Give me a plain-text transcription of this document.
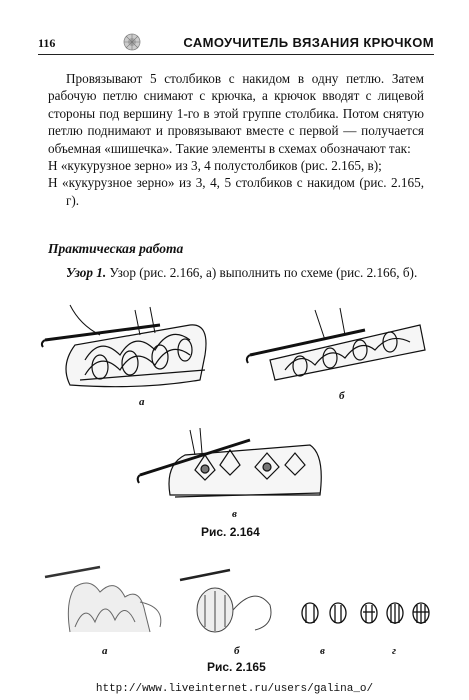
116	САМОУЧИТЕЛЬ ВЯЗАНИЯ КРЮЧКОМ

Провязывают 5 столбиков с накидом в одну петлю. Затем рабочую петлю снимают с крючка, а крючок вводят с лицевой стороны под вершину 1-го в этой группе столбика. Потом снятую петлю поднимают и провязывают вместе с первой — получается объемная «шишечка». Такие элементы в схемах обозначают так:

Н «кукурузное зерно» из 3, 4 полустолбиков (рис. 2.165, в);

Н «кукурузное зерно» из 3, 4, 5 столбиков с накидом (рис. 2.165, г).

Практическая работа
Узор 1. Узор (рис. 2.166, а) выполнить по схеме (рис. 2.166, б).
а	б
в
Рис. 2.164
а	б	в	г
Рис. 2.165
http://www.liveinternet.ru/users/galina_o/
